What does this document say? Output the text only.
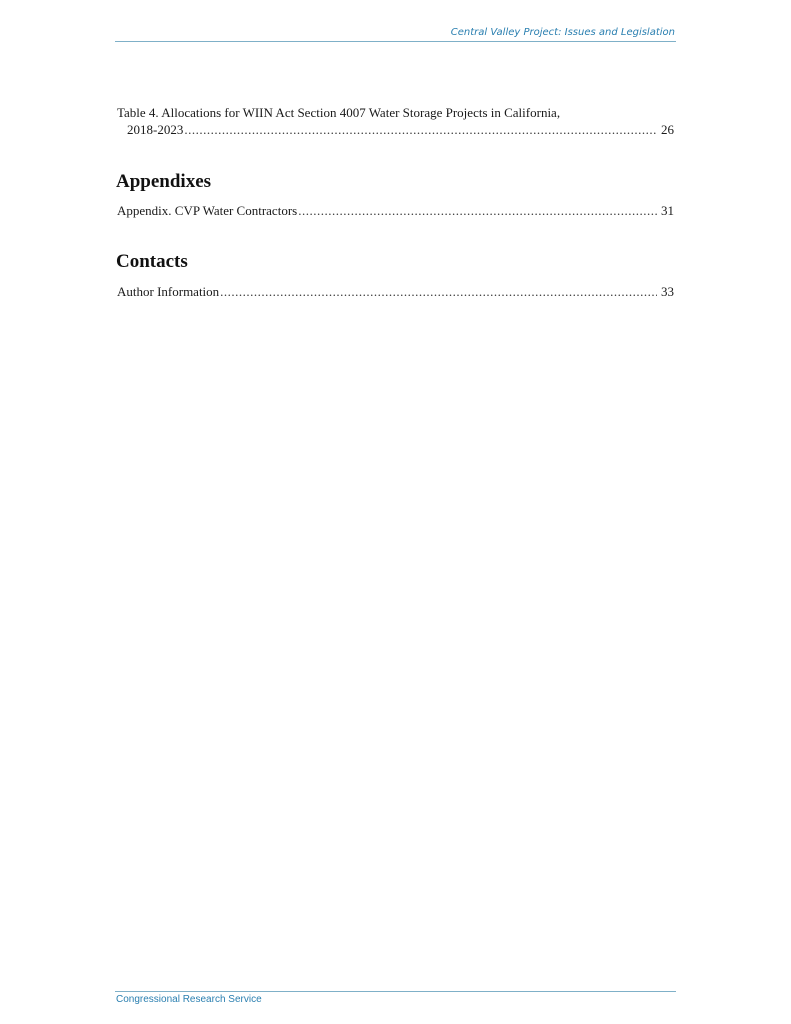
Central Valley Project: Issues and Legislation
Table 4. Allocations for WIIN Act Section 4007 Water Storage Projects in California,
2018-2023 .....	26
Appendixes
Appendix. CVP Water Contractors .....	31
Contacts
Author Information .....	33
Congressional Research Service
